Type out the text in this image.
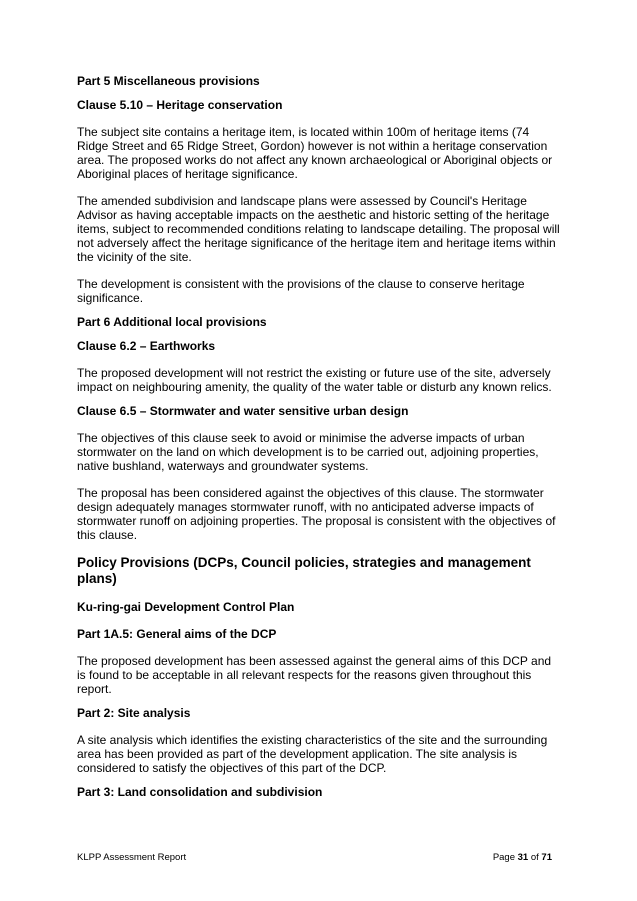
Part 5 Miscellaneous provisions

Clause 5.10 – Heritage conservation

The subject site contains a heritage item, is located within 100m of heritage items (74 Ridge Street and 65 Ridge Street, Gordon) however is not within a heritage conservation area. The proposed works do not affect any known archaeological or Aboriginal objects or Aboriginal places of heritage significance.

The amended subdivision and landscape plans were assessed by Council's Heritage Advisor as having acceptable impacts on the aesthetic and historic setting of the heritage items, subject to recommended conditions relating to landscape detailing. The proposal will not adversely affect the heritage significance of the heritage item and heritage items within the vicinity of the site.

The development is consistent with the provisions of the clause to conserve heritage significance.

Part 6 Additional local provisions

Clause 6.2 – Earthworks

The proposed development will not restrict the existing or future use of the site, adversely impact on neighbouring amenity, the quality of the water table or disturb any known relics.

Clause 6.5 – Stormwater and water sensitive urban design

The objectives of this clause seek to avoid or minimise the adverse impacts of urban stormwater on the land on which development is to be carried out, adjoining properties, native bushland, waterways and groundwater systems.

The proposal has been considered against the objectives of this clause. The stormwater design adequately manages stormwater runoff, with no anticipated adverse impacts of stormwater runoff on adjoining properties. The proposal is consistent with the objectives of this clause.

Policy Provisions (DCPs, Council policies, strategies and management plans)

Ku-ring-gai Development Control Plan

Part 1A.5: General aims of the DCP

The proposed development has been assessed against the general aims of this DCP and is found to be acceptable in all relevant respects for the reasons given throughout this report.

Part 2: Site analysis

A site analysis which identifies the existing characteristics of the site and the surrounding area has been provided as part of the development application. The site analysis is considered to satisfy the objectives of this part of the DCP.

Part 3: Land consolidation and subdivision

KLPP Assessment Report	Page 31 of 71
